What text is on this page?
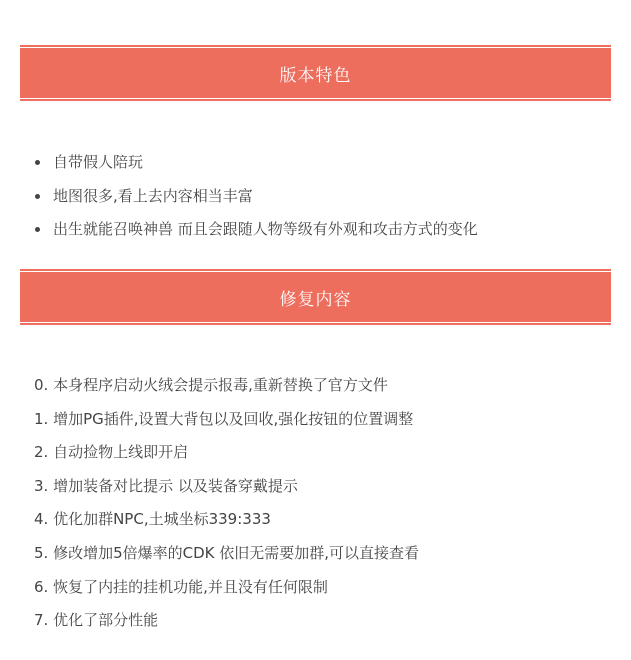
版本特色
自带假人陪玩
地图很多,看上去内容相当丰富
出生就能召唤神兽 而且会跟随人物等级有外观和攻击方式的变化
修复内容
0. 本身程序启动火绒会提示报毒,重新替换了官方文件
1. 增加PG插件,设置大背包以及回收,强化按钮的位置调整
2. 自动捡物上线即开启
3. 增加装备对比提示 以及装备穿戴提示
4. 优化加群NPC,土城坐标339:333
5. 修改增加5倍爆率的CDK 依旧无需要加群,可以直接查看
6. 恢复了内挂的挂机功能,并且没有任何限制
7. 优化了部分性能
